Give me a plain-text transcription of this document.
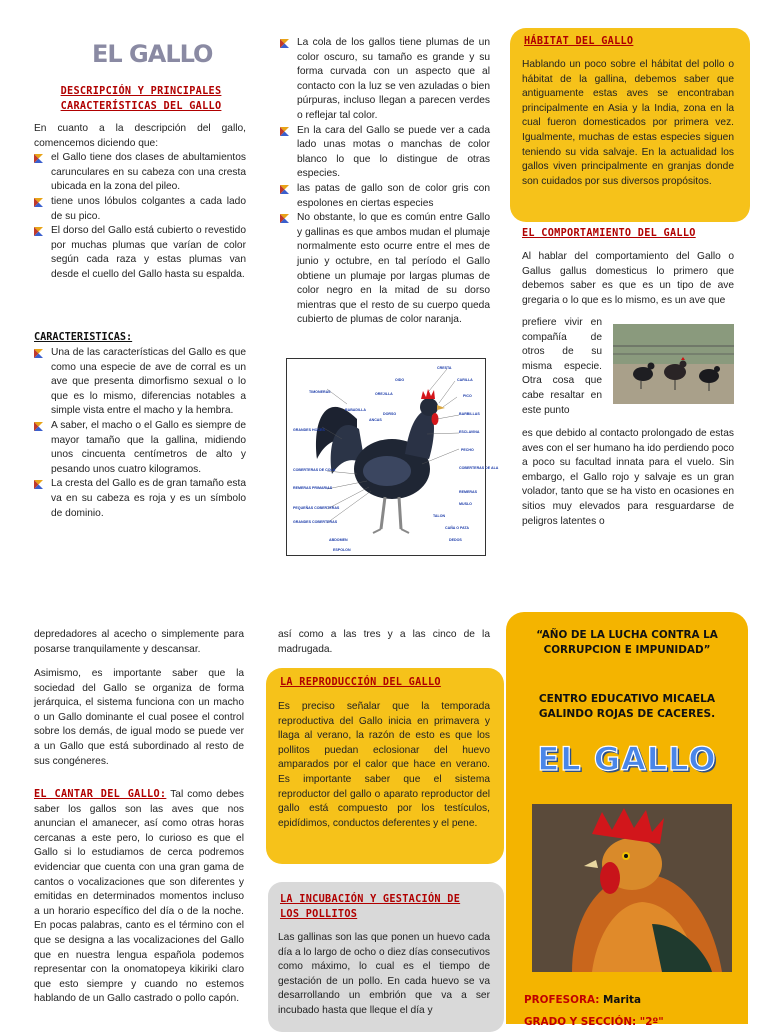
EL GALLO
DESCRIPCIÓN Y PRINCIPALES
CARACTERÍSTICAS DEL GALLO
En cuanto a la descripción del gallo, comencemos diciendo que:
el Gallo tiene dos clases de abultamientos carunculares en su cabeza con una cresta ubicada en la zona del pileo.
tiene unos lóbulos colgantes a cada lado de su pico.
El dorso del Gallo está cubierto o revestido por muchas plumas que varían de color según cada raza y estas plumas van desde el cuello del Gallo hasta su espalda.
CARACTERISTICAS:
Una de las características del Gallo es que como una especie de ave de corral es un ave que presenta dimorfismo sexual o lo que es lo mismo, diferencias notables a simple vista entre el macho y la hembra.
A saber, el macho o el Gallo es siempre de mayor tamaño que la gallina, midiendo unos cincuenta centímetros de alto y pesando unos cuatro kilogramos.
La cresta del Gallo es de gran tamaño esta va en su cabeza es roja y es un símbolo de dominio.
La cola de los gallos tiene plumas de un color oscuro, su tamaño es grande y su forma curvada con un aspecto que al contacto con la luz se ven azuladas o bien púrpuras, incluso llegan a parecen verdes o reflejar tal color.
En la cara del Gallo se puede ver a cada lado unas motas o manchas de color blanco lo que lo distingue de otras especies.
las patas de gallo son de color gris con espolones en ciertas especies
No obstante, lo que es común entre Gallo y gallinas es que ambos mudan el plumaje normalmente esto ocurre entre el mes de junio y octubre, en tal período el Gallo obtiene un plumaje por largas plumas de color negro en la mitad de su dorso mientras que el resto de su cuerpo queda cubierto de plumas de color naranja.
TIMONERAS
GRANDES HOCES
COBERTERAS DE COLA
REMERAS PRIMARIAS
PEQUEÑAS COBERTERAS
GRANDES COBERTERAS
ABDOMEN
ESPOLON
CRESTA
CARILLA
PICO
BARBILLAS
ESCLAVINA
PECHO
COBERTERAS DE ALA
REMERAS
MUSLO
TALON
CAÑA O PATA
DEDOS
OIDO
OREJILLA
RABADILLA
DORSO
ANCAS
HÁBITAT DEL GALLO
Hablando un poco sobre el hábitat del pollo o hábitat de la gallina, debemos saber que antiguamente estas aves se encontraban principalmente en Asia y la India, zona en la cual fueron domesticados por primera vez. Igualmente, muchas de estas especies siguen teniendo su vida salvaje. En la actualidad los gallos viven principalmente en granjas donde son cuidados por sus diversos propósitos.
EL COMPORTAMIENTO DEL GALLO
Al hablar del comportamiento del Gallo o Gallus gallus domesticus lo primero que debemos saber es que es un tipo de ave gregaria o lo que es lo mismo, es un ave que
prefiere vivir en compañía de otros de su misma especie. Otra cosa que cabe resaltar en este punto
es que debido al contacto prolongado de estas aves con el ser humano ha ido perdiendo poco a poco su facultad innata para el vuelo. Sin embargo, el Gallo rojo y salvaje es un gran volador, tanto que se ha visto en ocasiones en sitios muy elevados para resguardarse de peligros latentes o
depredadores al acecho o simplemente para posarse tranquilamente y descansar.
Asimismo, es importante saber que la sociedad del Gallo se organiza de forma jerárquica, el sistema funciona con un macho o un Gallo dominante el cual posee el control sobre los demás, de igual modo se puede ver a un Gallo que está subordinado al resto de sus congéneres.
EL CANTAR DEL GALLO: Tal como debes saber los gallos son las aves que nos anuncian el amanecer, así como otras horas cercanas a este pero, lo curioso es que el Gallo si lo estudiamos de cerca podremos evidenciar que cuenta con una gran gama de cantos o vocalizaciones que son diferentes y emitidas en determinados momentos incluso a un horario específico del día o de la noche. En pocas palabras, canto es el término con el que se designa a las vocalizaciones del Gallo que en nuestra lengua española podemos representar con la onomatopeya kikiriki claro que esto siempre y cuando no estemos hablando de un Gallo castrado o pollo capón.
así como a las tres y a las cinco de la madrugada.
LA REPRODUCCIÓN DEL GALLO
Es preciso señalar que la temporada reproductiva del Gallo inicia en primavera y llaga al verano, la razón de esto es que los pollitos puedan eclosionar del huevo amparados por el calor que hace en verano. Es importante saber que el sistema reproductor del gallo o aparato reproductor del gallo está compuesto por los testículos, epidídimos, conductos deferentes y el pene.
LA INCUBACIÓN Y GESTACIÓN DE
LOS POLLITOS
Las gallinas son las que ponen un huevo cada día a lo largo de ocho o diez días consecutivos como máximo, lo cual es el tiempo de gestación de un pollo. En cada huevo se va desarrollando un embrión que va a ser incubado hasta que lleque el día y
“AÑO DE LA LUCHA CONTRA LA
CORRUPCION E IMPUNIDAD”
CENTRO EDUCATIVO MICAELA
GALINDO ROJAS DE CACERES.
EL GALLO
PROFESORA: Marita
GRADO Y SECCIÓN: "2º"
